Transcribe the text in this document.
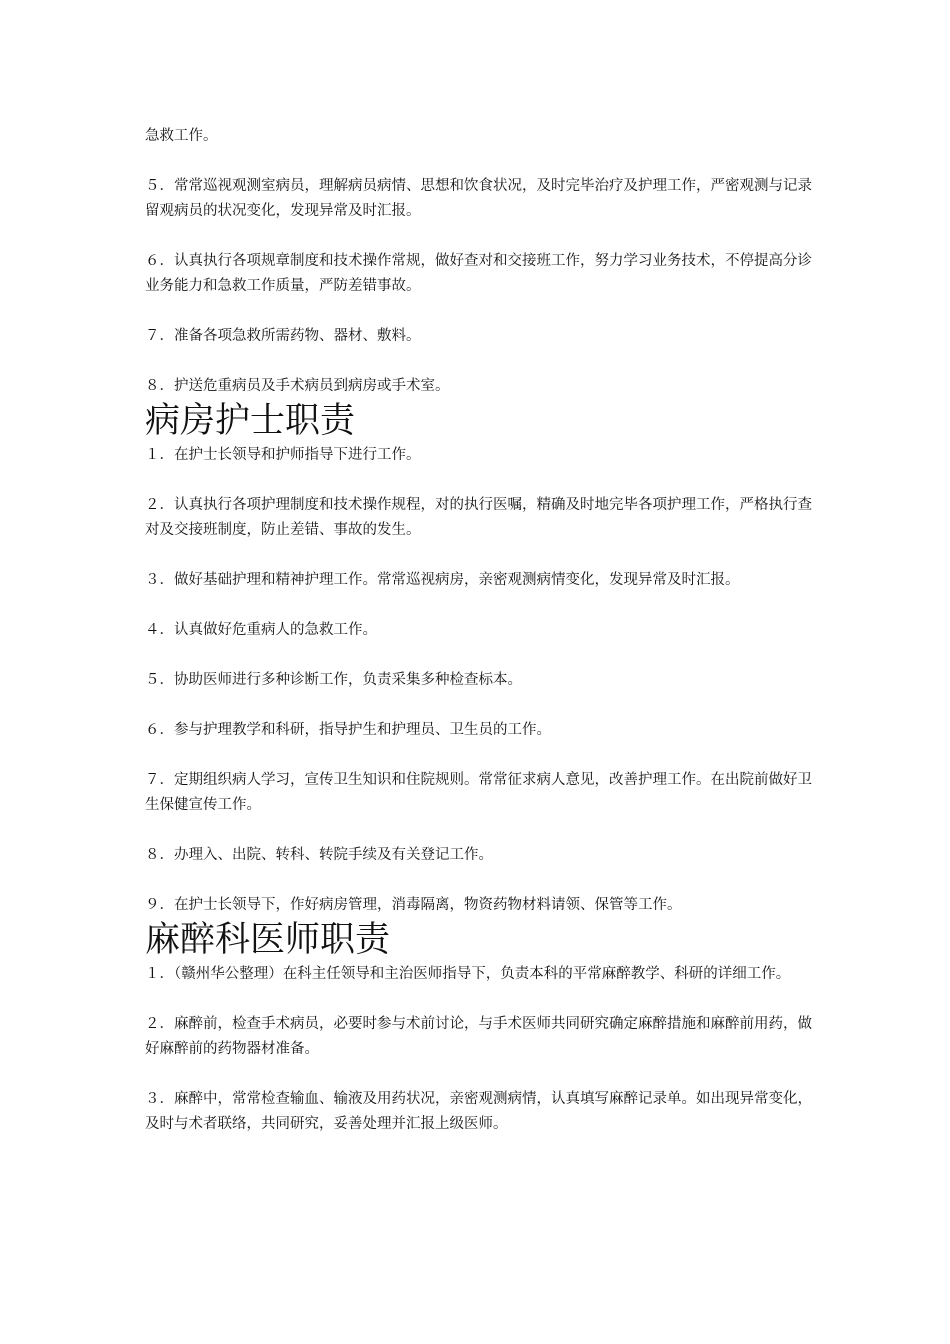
急救工作。

５．常常巡视观测室病员，理解病员病情、思想和饮食状况，及时完毕治疗及护理工作，严密观测与记录留观病员的状况变化，发现异常及时汇报。

６．认真执行各项规章制度和技术操作常规，做好查对和交接班工作，努力学习业务技术，不停提高分诊业务能力和急救工作质量，严防差错事故。

７．准备各项急救所需药物、器材、敷料。

８．护送危重病员及手术病员到病房或手术室。

病房护士职责

１．在护士长领导和护师指导下进行工作。

２．认真执行各项护理制度和技术操作规程，对的执行医嘱，精确及时地完毕各项护理工作，严格执行查对及交接班制度，防止差错、事故的发生。

３．做好基础护理和精神护理工作。常常巡视病房，亲密观测病情变化，发现异常及时汇报。

４．认真做好危重病人的急救工作。

５．协助医师进行多种诊断工作，负责采集多种检查标本。

６．参与护理教学和科研，指导护生和护理员、卫生员的工作。

７．定期组织病人学习，宣传卫生知识和住院规则。常常征求病人意见，改善护理工作。在出院前做好卫生保健宣传工作。

８．办理入、出院、转科、转院手续及有关登记工作。

９．在护士长领导下，作好病房管理，消毒隔离，物资药物材料请领、保管等工作。

麻醉科医师职责

１．（赣州华公整理）在科主任领导和主治医师指导下，负责本科的平常麻醉教学、科研的详细工作。

２．麻醉前，检查手术病员，必要时参与术前讨论，与手术医师共同研究确定麻醉措施和麻醉前用药，做好麻醉前的药物器材准备。

３．麻醉中，常常检查输血、输液及用药状况，亲密观测病情，认真填写麻醉记录单。如出现异常变化，及时与术者联络，共同研究，妥善处理并汇报上级医师。
